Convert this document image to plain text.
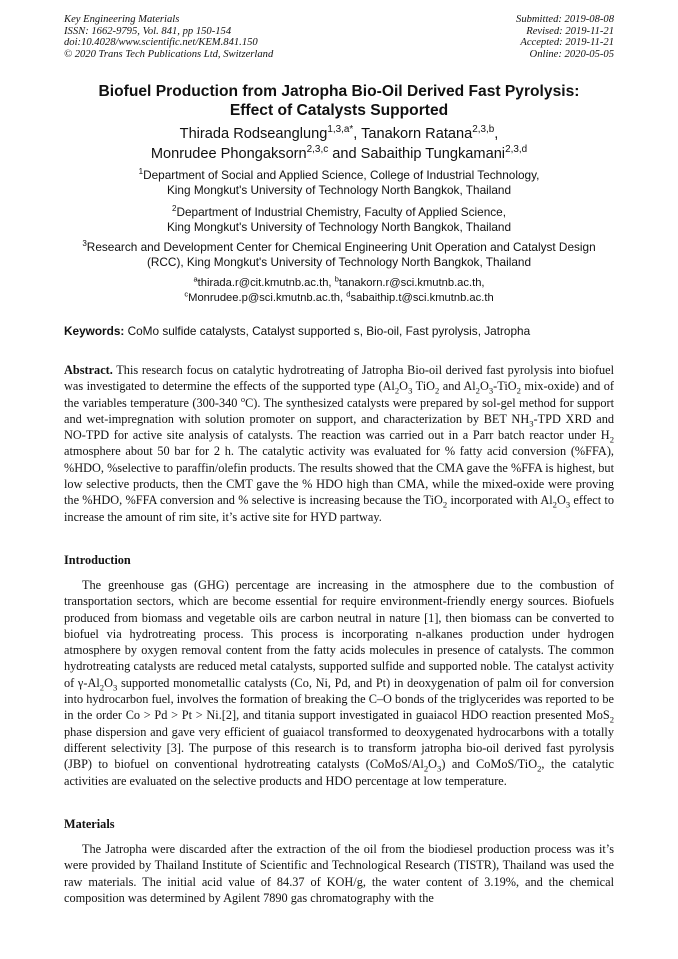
Key Engineering Materials
ISSN: 1662-9795, Vol. 841, pp 150-154
doi:10.4028/www.scientific.net/KEM.841.150
© 2020 Trans Tech Publications Ltd, Switzerland
Submitted: 2019-08-08
Revised: 2019-11-21
Accepted: 2019-11-21
Online: 2020-05-05
Biofuel Production from Jatropha Bio-Oil Derived Fast Pyrolysis:
Effect of Catalysts Supported
Thirada Rodseanglung$^{1,3,a*}$, Tanakorn Ratana$^{2,3,b}$,
Monrudee Phongaksorn$^{2,3,c}$ and Sabaithip Tungkamani$^{2,3,d}$
$^1$Department of Social and Applied Science, College of Industrial Technology,
King Mongkut's University of Technology North Bangkok, Thailand
$^2$Department of Industrial Chemistry, Faculty of Applied Science,
King Mongkut's University of Technology North Bangkok, Thailand
$^3$Research and Development Center for Chemical Engineering Unit Operation and Catalyst Design
(RCC), King Mongkut's University of Technology North Bangkok, Thailand
$^a$thirada.r@cit.kmutnb.ac.th, $^b$tanakorn.r@sci.kmutnb.ac.th,
$^c$Monrudee.p@sci.kmutnb.ac.th, $^d$sabaithip.t@sci.kmutnb.ac.th
Keywords: CoMo sulfide catalysts, Catalyst supported s, Bio-oil, Fast pyrolysis, Jatropha
Abstract. This research focus on catalytic hydrotreating of Jatropha Bio-oil derived fast pyrolysis into biofuel was investigated to determine the effects of the supported type ($Al_2O_3$ TiO$_2$ and $Al_2O_3-TiO_2$ mix-oxide) and of the variables temperature (300-340 $^o$C). The synthesized catalysts were prepared by sol-gel method for support and wet-impregnation with solution promoter on support, and characterization by BET $NH_3$-TPD XRD and NO-TPD for active site analysis of catalysts. The reaction was carried out in a Parr batch reactor under $H_2$ atmosphere about 50 bar for 2 h. The catalytic activity was evaluated for % fatty acid conversion (%FFA), %HDO, %selective to paraffin/olefin products. The results showed that the CMA gave the %FFA is highest, but low selective products, then the CMT gave the % HDO high than CMA, while the mixed-oxide were proving the %HDO, %FFA conversion and % selective is increasing because the TiO$_2$ incorporated with $Al_2O_3$ effect to increase the amount of rim site, it’s active site for HYD partway.
Introduction
The greenhouse gas (GHG) percentage are increasing in the atmosphere due to the combustion of transportation sectors, which are become essential for require environment-friendly energy sources. Biofuels produced from biomass and vegetable oils are carbon neutral in nature [1], then biomass can be converted to biofuel via hydrotreating process. This process is incorporating n-alkanes production under hydrogen atmosphere by oxygen removal content from the fatty acids molecules in presence of catalysts. The common hydrotreating catalysts are reduced metal catalysts, supported sulfide and supported noble. The catalyst activity of $\gamma-Al_2O_3$ supported monometallic catalysts (Co, Ni, Pd, and Pt) in deoxygenation of palm oil for conversion into hydrocarbon fuel, involves the formation of breaking the C–O bonds of the triglycerides was reported to be in the order Co > Pd > Pt > Ni.[2], and titania support investigated in guaiacol HDO reaction presented MoS$_2$ phase dispersion and gave very efficient of guaiacol transformed to deoxygenated hydrocarbons with a totally different selectivity [3]. The purpose of this research is to transform jatropha bio-oil derived fast pyrolysis (JBP) to biofuel on conventional hydrotreating catalysts $(CoMoS/Al_2O_3)$ and CoMoS/TiO$_2$, the catalytic activities are evaluated on the selective products and HDO percentage at low temperature.
Materials
The Jatropha were discarded after the extraction of the oil from the biodiesel production process was it’s were provided by Thailand Institute of Scientific and Technological Research (TISTR), Thailand was used the raw materials. The initial acid value of 84.37 of KOH/g, the water content of 3.19%, and the chemical composition was determined by Agilent 7890 gas chromatography with the
